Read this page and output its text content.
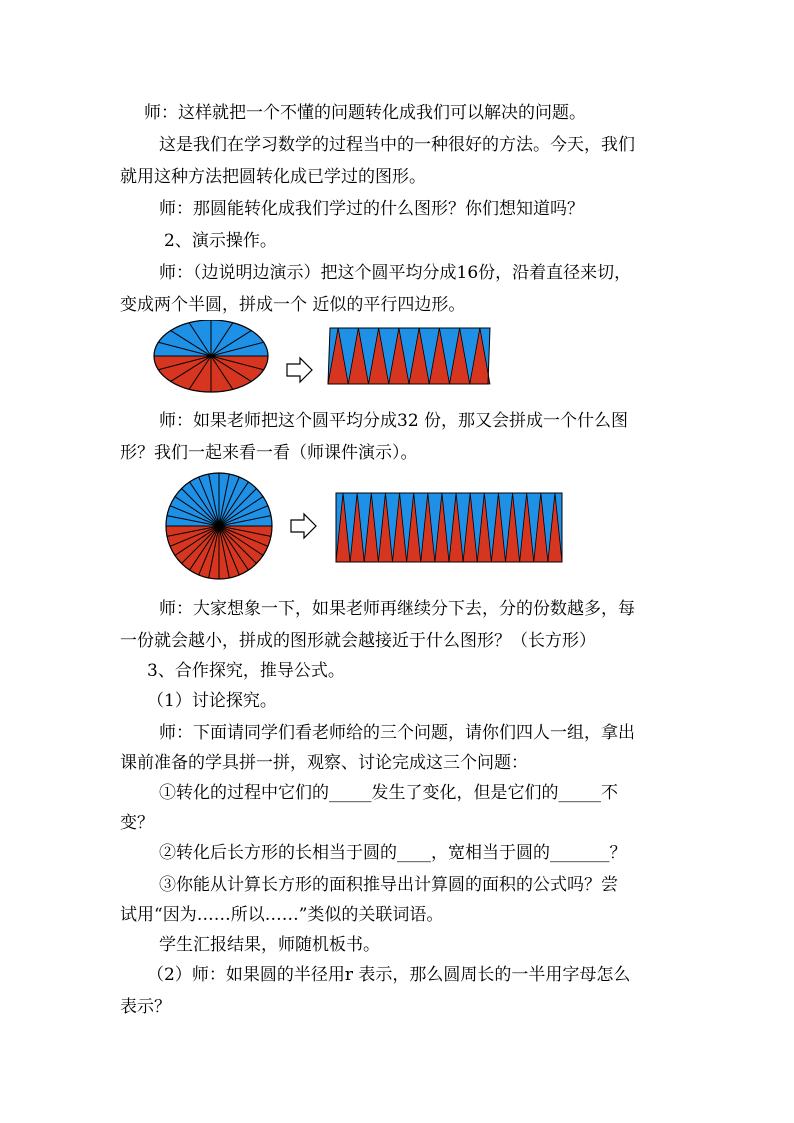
师：这样就把一个不懂的问题转化成我们可以解决的问题。
这是我们在学习数学的过程当中的一种很好的方法。今天，我们
就用这种方法把圆转化成已学过的图形。
师：那圆能转化成我们学过的什么图形？你们想知道吗？
2、演示操作。
师：（边说明边演示）把这个圆平均分成16份，沿着直径来切，
变成两个半圆，拼成一个 近似的平行四边形。
师：如果老师把这个圆平均分成32 份，那又会拼成一个什么图
形？我们一起来看一看（师课件演示）。
师：大家想象一下，如果老师再继续分下去，分的份数越多，每
一份就会越小，拼成的图形就会越接近于什么图形？（长方形）
3、合作探究，推导公式。
（1）讨论探究。
师：下面请同学们看老师给的三个问题，请你们四人一组，拿出
课前准备的学具拼一拼，观察、讨论完成这三个问题：
①转化的过程中它们的_____发生了变化，但是它们的_____不
变？
②转化后长方形的长相当于圆的____，宽相当于圆的_______？
③你能从计算长方形的面积推导出计算圆的面积的公式吗？尝
试用“因为……所以……”类似的关联词语。
学生汇报结果，师随机板书。
（2）师：如果圆的半径用r 表示，那么圆周长的一半用字母怎么
表示？
